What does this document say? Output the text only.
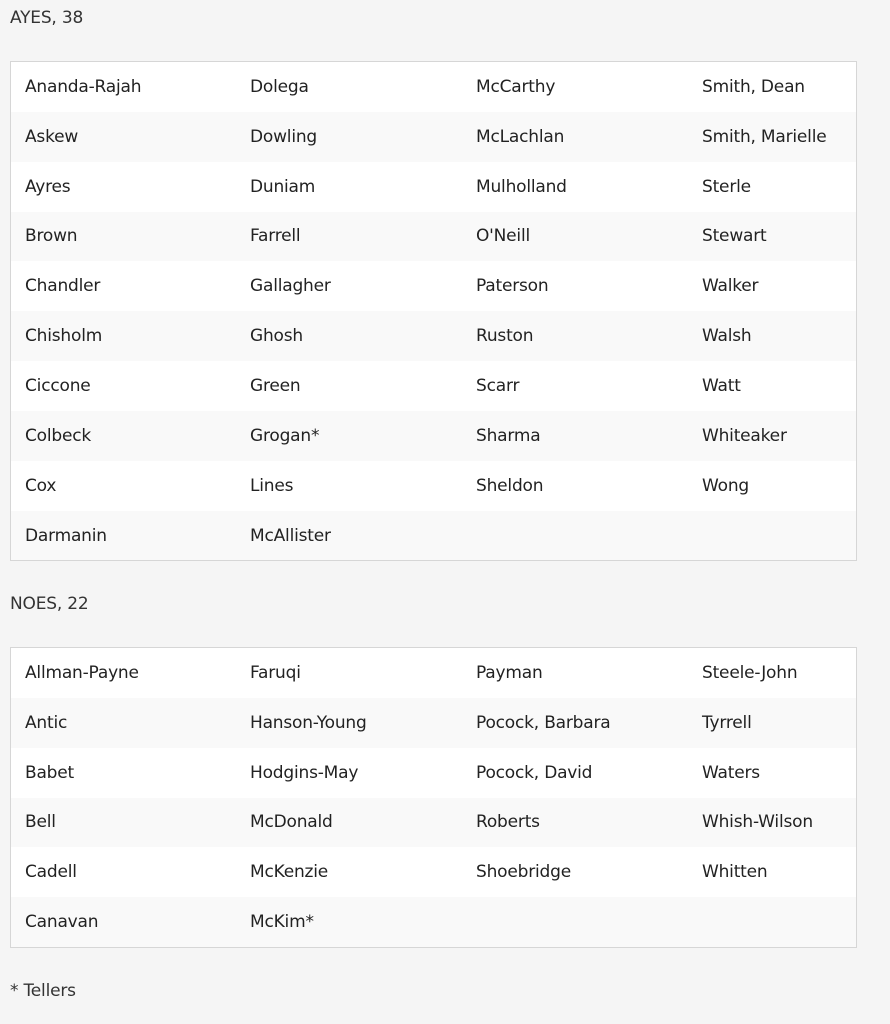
AYES, 38
Ananda-Rajah	Dolega	McCarthy	Smith, Dean
Askew	Dowling	McLachlan	Smith, Marielle
Ayres	Duniam	Mulholland	Sterle
Brown	Farrell	O'Neill	Stewart
Chandler	Gallagher	Paterson	Walker
Chisholm	Ghosh	Ruston	Walsh
Ciccone	Green	Scarr	Watt
Colbeck	Grogan*	Sharma	Whiteaker
Cox	Lines	Sheldon	Wong
Darmanin	McAllister		
NOES, 22
Allman-Payne	Faruqi	Payman	Steele-John
Antic	Hanson-Young	Pocock, Barbara	Tyrrell
Babet	Hodgins-May	Pocock, David	Waters
Bell	McDonald	Roberts	Whish-Wilson
Cadell	McKenzie	Shoebridge	Whitten
Canavan	McKim*		
* Tellers
